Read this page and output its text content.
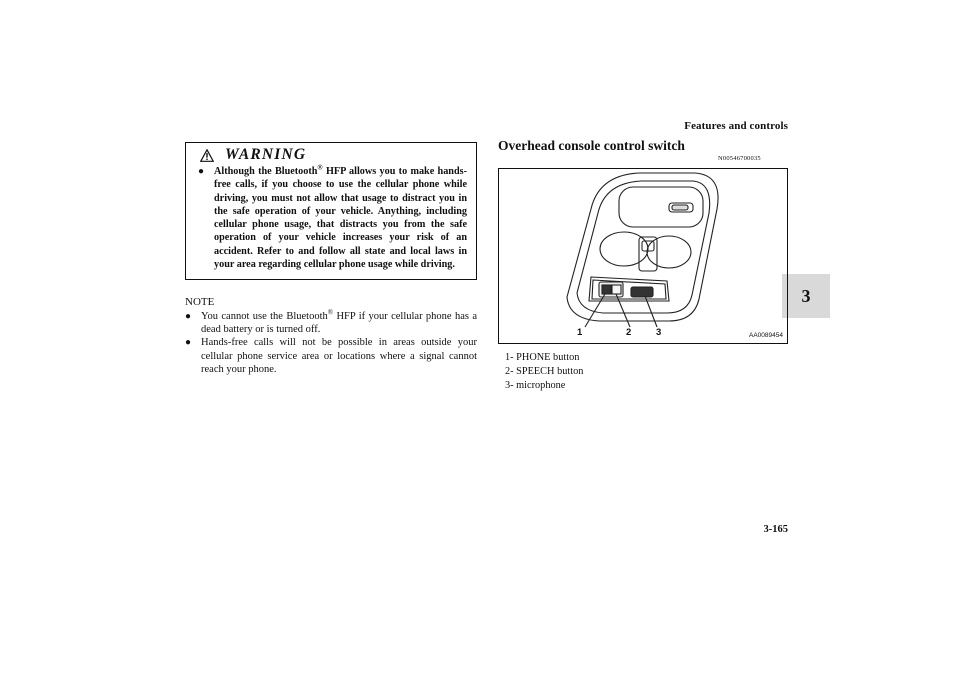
Features and controls
3
WARNING
● Although the Bluetooth® HFP allows you to make hands-free calls, if you choose to use the cellular phone while driving, you must not allow that usage to distract you in the safe operation of your vehicle. Anything, including cellular phone usage, that distracts you from the safe operation of your vehicle increases your risk of an accident. Refer to and follow all state and local laws in your area regarding cellular phone usage while driving.
NOTE
● You cannot use the Bluetooth® HFP if your cellular phone has a dead battery or is turned off.
● Hands-free calls will not be possible in areas outside your cellular phone service area or locations where a signal cannot reach your phone.
Overhead console control switch
N00546700035
1	2	3	AA0089454
1- PHONE button
2- SPEECH button
3- microphone
3-165
